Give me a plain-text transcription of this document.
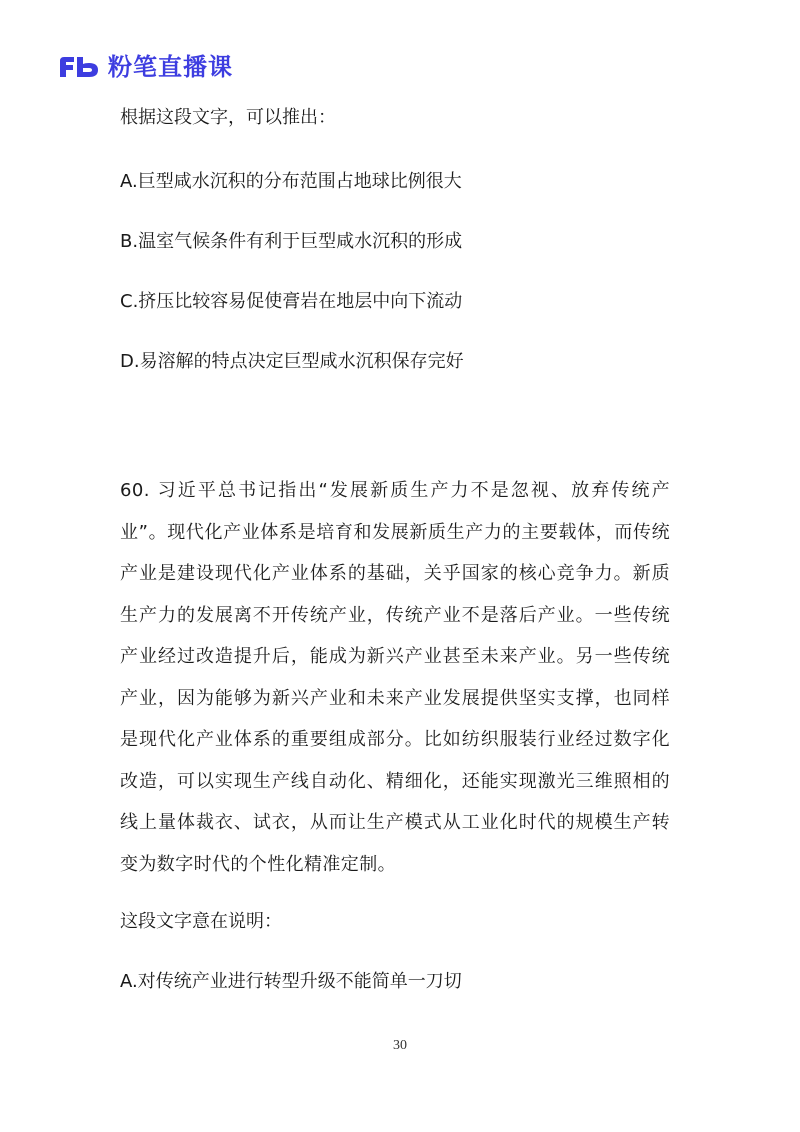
粉笔直播课
根据这段文字，可以推出：
A.巨型咸水沉积的分布范围占地球比例很大
B.温室气候条件有利于巨型咸水沉积的形成
C.挤压比较容易促使膏岩在地层中向下流动
D.易溶解的特点决定巨型咸水沉积保存完好
60. 习近平总书记指出“发展新质生产力不是忽视、放弃传统产业”。现代化产业体系是培育和发展新质生产力的主要载体，而传统产业是建设现代化产业体系的基础，关乎国家的核心竞争力。新质生产力的发展离不开传统产业，传统产业不是落后产业。一些传统产业经过改造提升后，能成为新兴产业甚至未来产业。另一些传统产业，因为能够为新兴产业和未来产业发展提供坚实支撑，也同样是现代化产业体系的重要组成部分。比如纺织服装行业经过数字化改造，可以实现生产线自动化、精细化，还能实现激光三维照相的线上量体裁衣、试衣，从而让生产模式从工业化时代的规模生产转变为数字时代的个性化精准定制。
这段文字意在说明：
A.对传统产业进行转型升级不能简单一刀切
30
